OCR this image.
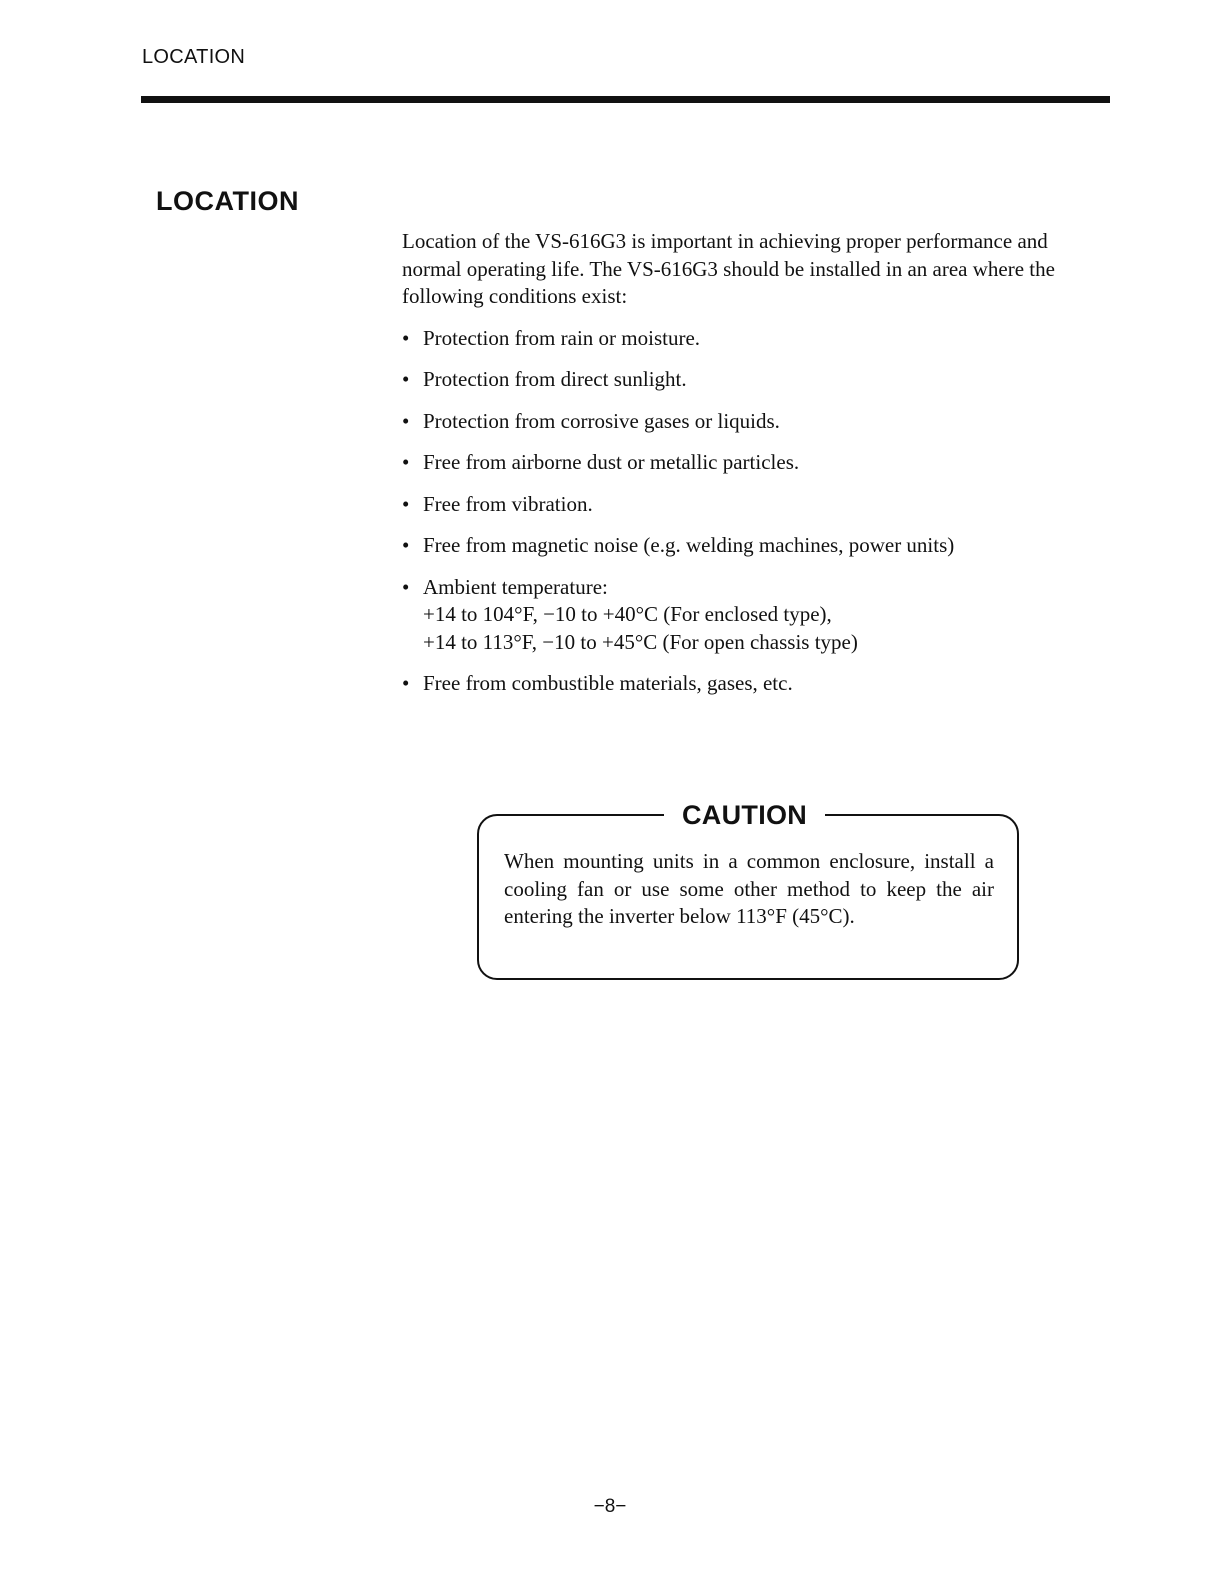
LOCATION
LOCATION

Location of the VS-616G3 is important in achieving proper performance and normal operating life. The VS-616G3 should be installed in an area where the following conditions exist:

• Protection from rain or moisture.
• Protection from direct sunlight.
• Protection from corrosive gases or liquids.
• Free from airborne dust or metallic particles.
• Free from vibration.
• Free from magnetic noise (e.g. welding machines, power units)
• Ambient temperature:
+14 to 104°F, −10 to +40°C (For enclosed type),
+14 to 113°F, −10 to +45°C (For open chassis type)
• Free from combustible materials, gases, etc.
CAUTION

When mounting units in a common enclosure, install a cooling fan or use some other method to keep the air entering the inverter below 113°F (45°C).

−8−
